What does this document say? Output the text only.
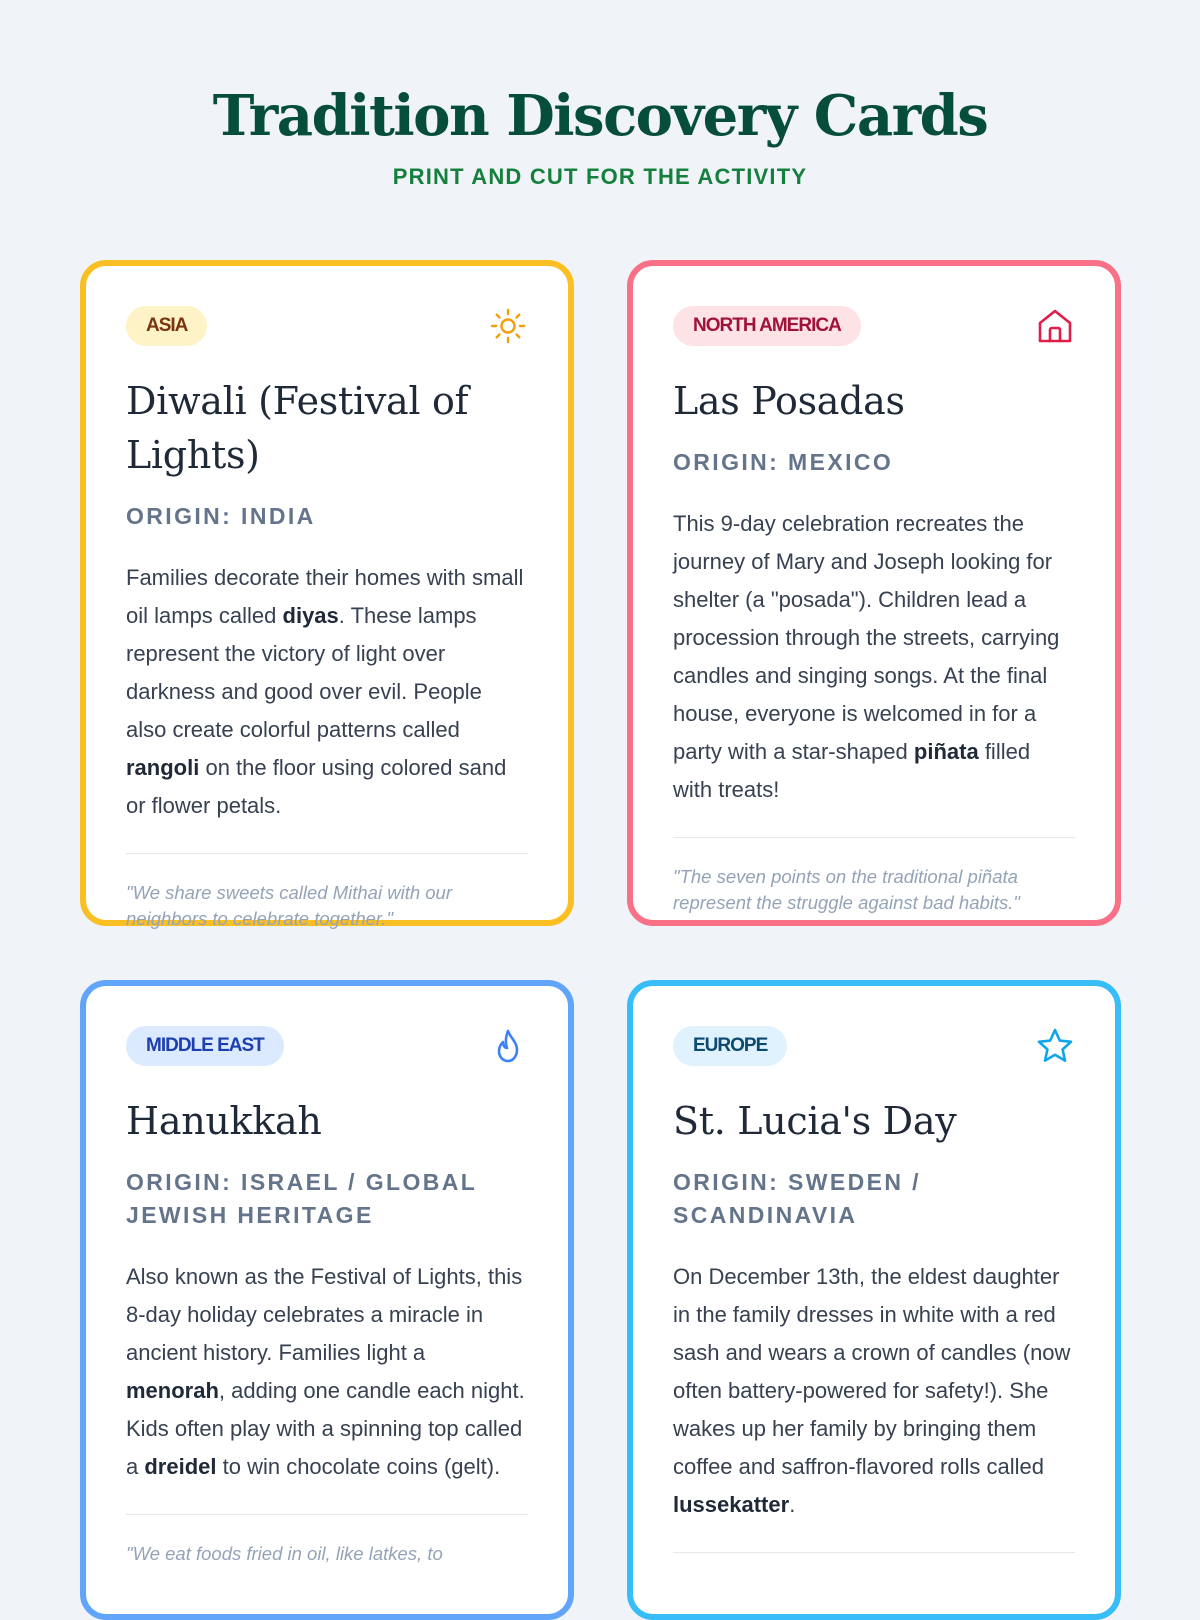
Tradition Discovery Cards
PRINT AND CUT FOR THE ACTIVITY
ASIA
Diwali (Festival of Lights)
ORIGIN: INDIA
Families decorate their homes with small oil lamps called diyas. These lamps represent the victory of light over darkness and good over evil. People also create colorful patterns called rangoli on the floor using colored sand or flower petals.
"We share sweets called Mithai with our neighbors to celebrate together."
NORTH AMERICA
Las Posadas
ORIGIN: MEXICO
This 9-day celebration recreates the journey of Mary and Joseph looking for shelter (a "posada"). Children lead a procession through the streets, carrying candles and singing songs. At the final house, everyone is welcomed in for a party with a star-shaped piñata filled with treats!
"The seven points on the traditional piñata represent the struggle against bad habits."
MIDDLE EAST
Hanukkah
ORIGIN: ISRAEL / GLOBAL JEWISH HERITAGE
Also known as the Festival of Lights, this 8-day holiday celebrates a miracle in ancient history. Families light a menorah, adding one candle each night. Kids often play with a spinning top called a dreidel to win chocolate coins (gelt).
"We eat foods fried in oil, like latkes, to
EUROPE
St. Lucia's Day
ORIGIN: SWEDEN / SCANDINAVIA
On December 13th, the eldest daughter in the family dresses in white with a red sash and wears a crown of candles (now often battery-powered for safety!). She wakes up her family by bringing them coffee and saffron-flavored rolls called lussekatter.
